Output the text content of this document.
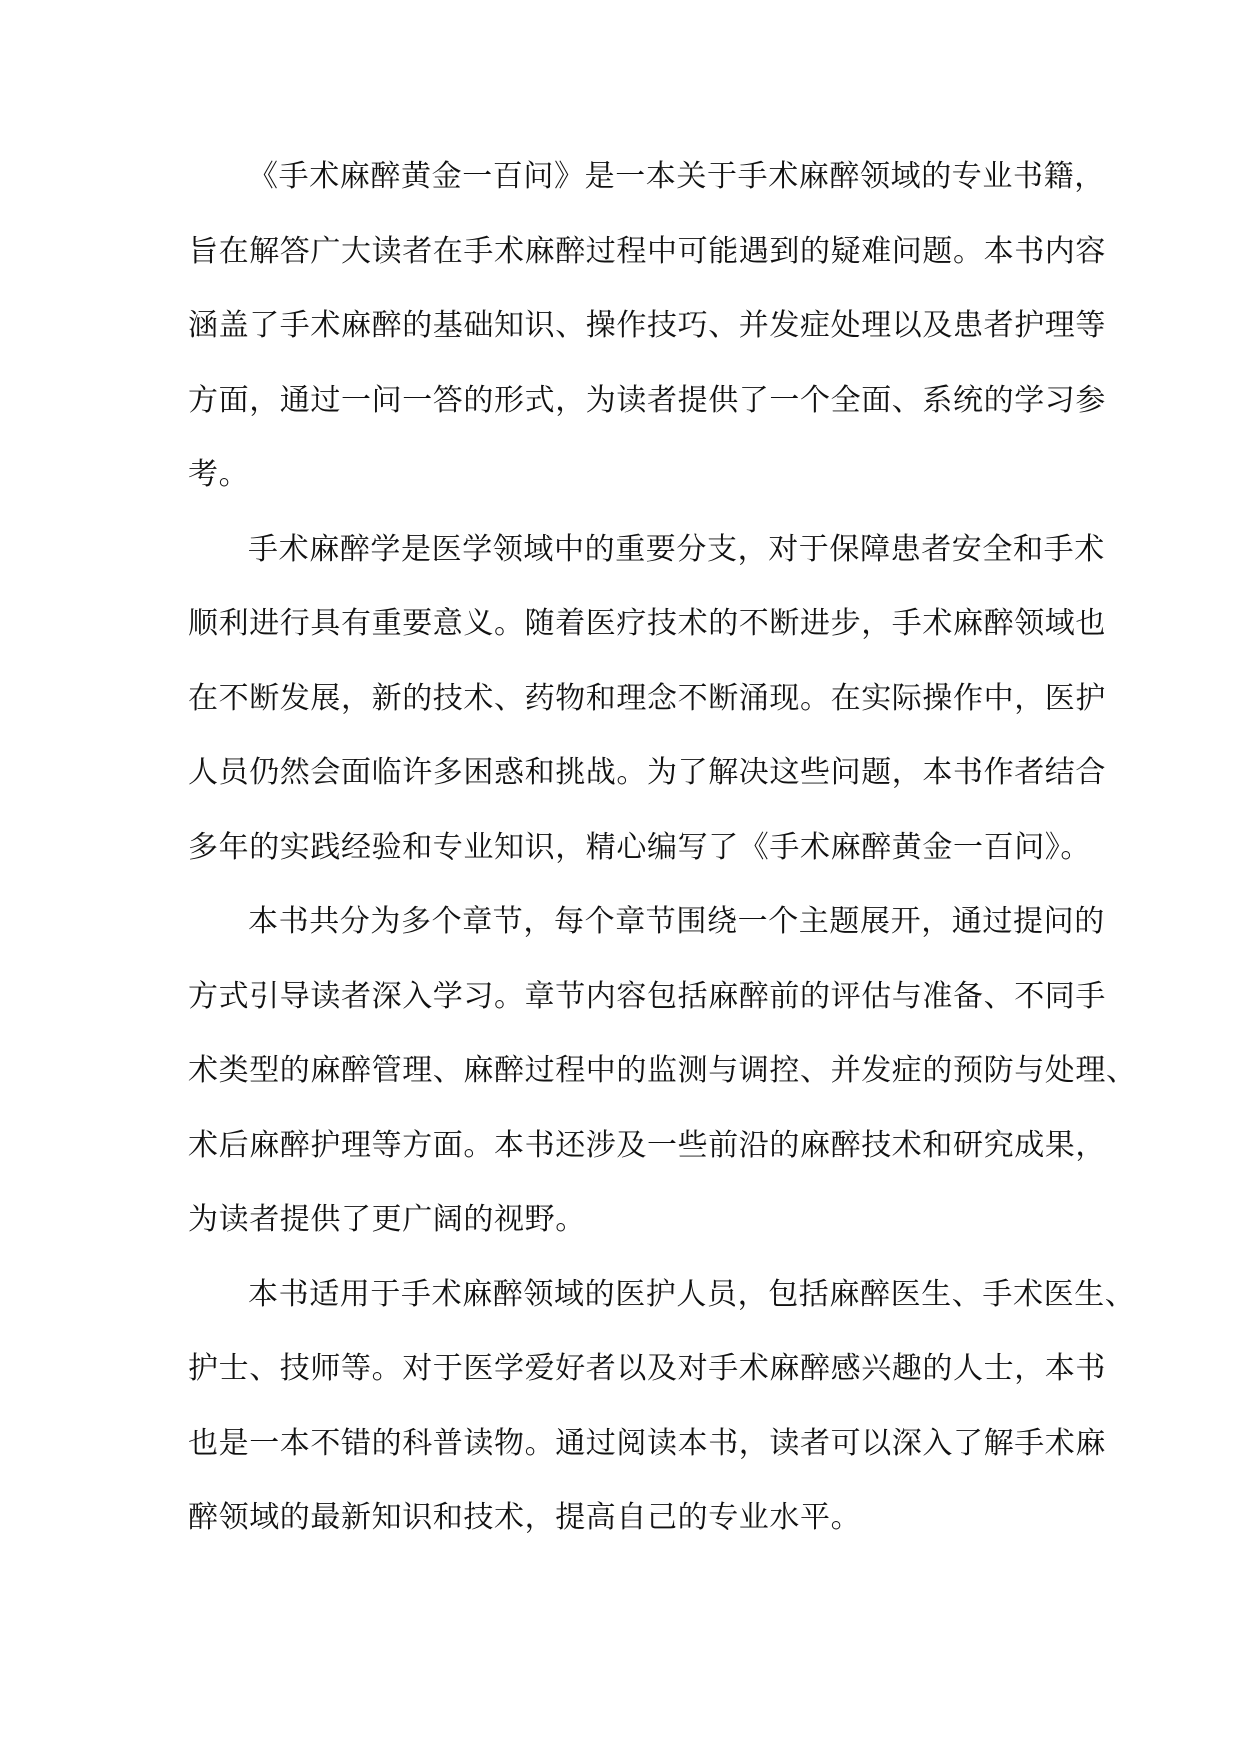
《手术麻醉黄金一百问》是一本关于手术麻醉领域的专业书籍，
旨在解答广大读者在手术麻醉过程中可能遇到的疑难问题。本书内容
涵盖了手术麻醉的基础知识、操作技巧、并发症处理以及患者护理等
方面，通过一问一答的形式，为读者提供了一个全面、系统的学习参
考。
手术麻醉学是医学领域中的重要分支，对于保障患者安全和手术
顺利进行具有重要意义。随着医疗技术的不断进步，手术麻醉领域也
在不断发展，新的技术、药物和理念不断涌现。在实际操作中，医护
人员仍然会面临许多困惑和挑战。为了解决这些问题，本书作者结合
多年的实践经验和专业知识，精心编写了《手术麻醉黄金一百问》。
本书共分为多个章节，每个章节围绕一个主题展开，通过提问的
方式引导读者深入学习。章节内容包括麻醉前的评估与准备、不同手
术类型的麻醉管理、麻醉过程中的监测与调控、并发症的预防与处理、
术后麻醉护理等方面。本书还涉及一些前沿的麻醉技术和研究成果，
为读者提供了更广阔的视野。
本书适用于手术麻醉领域的医护人员，包括麻醉医生、手术医生、
护士、技师等。对于医学爱好者以及对手术麻醉感兴趣的人士，本书
也是一本不错的科普读物。通过阅读本书，读者可以深入了解手术麻
醉领域的最新知识和技术，提高自己的专业水平。
